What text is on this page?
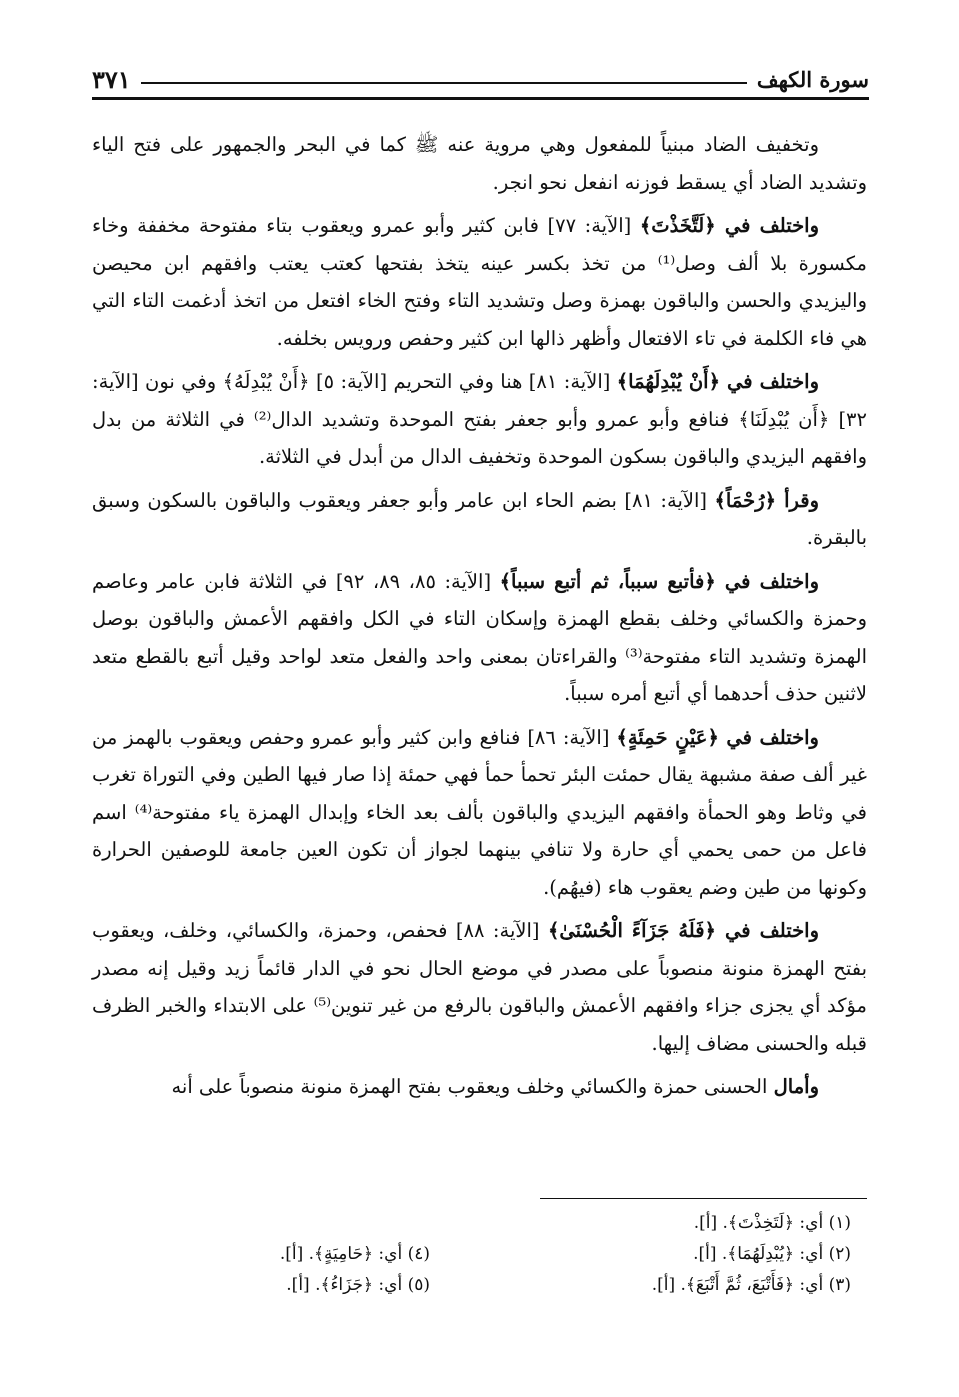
سورة الكهف
٣٧١

وتخفيف الضاد مبنياً للمفعول وهي مروية عنه ﷺ كما في البحر والجمهور على فتح الياء وتشديد الضاد أي يسقط فوزنه انفعل نحو انجر.

واختلف في ﴿لَتَّخَذْتَ﴾ [الآية: ٧٧] فابن كثير وأبو عمرو ويعقوب بتاء مفتوحة مخففة وخاء مكسورة بلا ألف وصل⁽¹⁾ من تخذ بكسر عينه يتخذ بفتحها كعتب يعتب وافقهم ابن محيصن واليزيدي والحسن والباقون بهمزة وصل وتشديد التاء وفتح الخاء افتعل من اتخذ أدغمت التاء التي هي فاء الكلمة في تاء الافتعال وأظهر ذالها ابن كثير وحفص ورويس بخلفه.

واختلف في ﴿أَنْ يُبْدِلَهُمَا﴾ [الآية: ٨١] هنا وفي التحريم [الآية: ٥] ﴿أَنْ يُبْدِلَهُ﴾ وفي نون [الآية: ٣٢] ﴿أَن يُبْدِلَنَا﴾ فنافع وأبو عمرو وأبو جعفر بفتح الموحدة وتشديد الدال⁽²⁾ في الثلاثة من بدل وافقهم اليزيدي والباقون بسكون الموحدة وتخفيف الدال من أبدل في الثلاثة.

وقرأ ﴿رُحْمَاً﴾ [الآية: ٨١] بضم الحاء ابن عامر وأبو جعفر ويعقوب والباقون بالسكون وسبق بالبقرة.

واختلف في ﴿فأتبع سبباً، ثم أتبع سبباً﴾ [الآية: ٨٥، ٨٩، ٩٢] في الثلاثة فابن عامر وعاصم وحمزة والكسائي وخلف بقطع الهمزة وإسكان التاء في الكل وافقهم الأعمش والباقون بوصل الهمزة وتشديد التاء مفتوحة⁽³⁾ والقراءتان بمعنى واحد والفعل متعد لواحد وقيل أتبع بالقطع متعد لاثنين حذف أحدهما أي أتبع أمره سبباً.

واختلف في ﴿عَيْنٍ حَمِئَةٍ﴾ [الآية: ٨٦] فنافع وابن كثير وأبو عمرو وحفص ويعقوب بالهمز من غير ألف صفة مشبهة يقال حمئت البئر تحمأ حمأ فهي حمئة إذا صار فيها الطين وفي التوراة تغرب في وثاط وهو الحمأة وافقهم اليزيدي والباقون بألف بعد الخاء وإبدال الهمزة ياء مفتوحة⁽⁴⁾ اسم فاعل من حمى يحمي أي حارة ولا تنافي بينهما لجواز أن تكون العين جامعة للوصفين الحرارة وكونها من طين وضم يعقوب هاء (فيهُم).

واختلف في ﴿فَلَهُ جَزَآءً الْحُسْنَىٰ﴾ [الآية: ٨٨] فحفص، وحمزة، والكسائي، وخلف، ويعقوب بفتح الهمزة منونة منصوباً على مصدر في موضع الحال نحو في الدار قائماً زيد وقيل إنه مصدر مؤكد أي يجزى جزاء وافقهم الأعمش والباقون بالرفع من غير تنوين⁽⁵⁾ على الابتداء والخبر الظرف قبله والحسنى مضاف إليها.

وأمال الحسنى حمزة والكسائي وخلف ويعقوب بفتح الهمزة منونة منصوباً على أنه

(١) أي: ﴿لَتَخِذْتَ﴾. [أ].
(٢) أي: ﴿يُبْدِلَهُمَا﴾. [أ].
(٤) أي: ﴿حَامِيَةٍ﴾. [أ].
(٣) أي: ﴿فَأَتْبَعَ، ثُمَّ أَتْبَعَ﴾. [أ].
(٥) أي: ﴿جَزَاءُ﴾. [أ].
